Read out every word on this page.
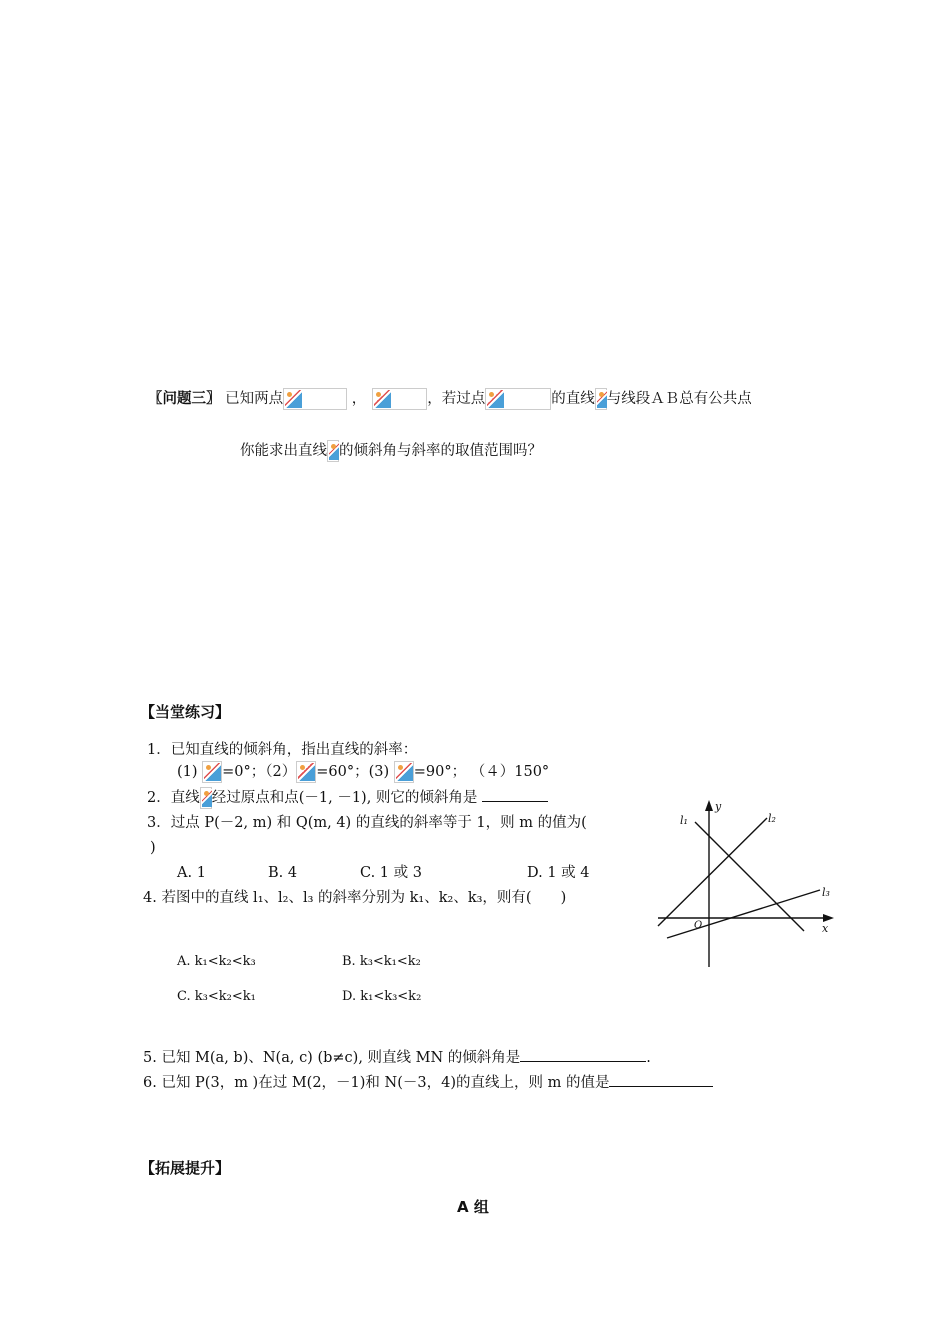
〖问题三〗 已知两点	，	，若过点	的直线 与线段ＡＢ总有公共点
你能求出直线 的倾斜角与斜率的取值范围吗？
【当堂练习】
1．已知直线的倾斜角，指出直线的斜率：
(1) =0°；（2） =60°；(3) =90°； （４）150°
2．直线 经过原点和点(－1, －1), 则它的倾斜角是
3．过点 P(－2, m) 和 Q(m, 4) 的直线的斜率等于 1，则 m 的值为(
)
A. 1	B. 4	C. 1 或 3	D. 1 或 4
4. 若图中的直线 l₁、l₂、l₃ 的斜率分别为 k₁、k₂、k₃，则有(　　)
A. k₁<k₂<k₃	B. k₃<k₁<k₂
C. k₃<k₂<k₁	D. k₁<k₃<k₂
5. 已知 M(a, b)、N(a, c) (b≠c), 则直线 MN 的倾斜角是	.
6. 已知 P(3，m )在过 M(2，－1)和 N(－3，4)的直线上，则 m 的值是
l₁	l₂
l₃
y
x
O
【拓展提升】
A 组
